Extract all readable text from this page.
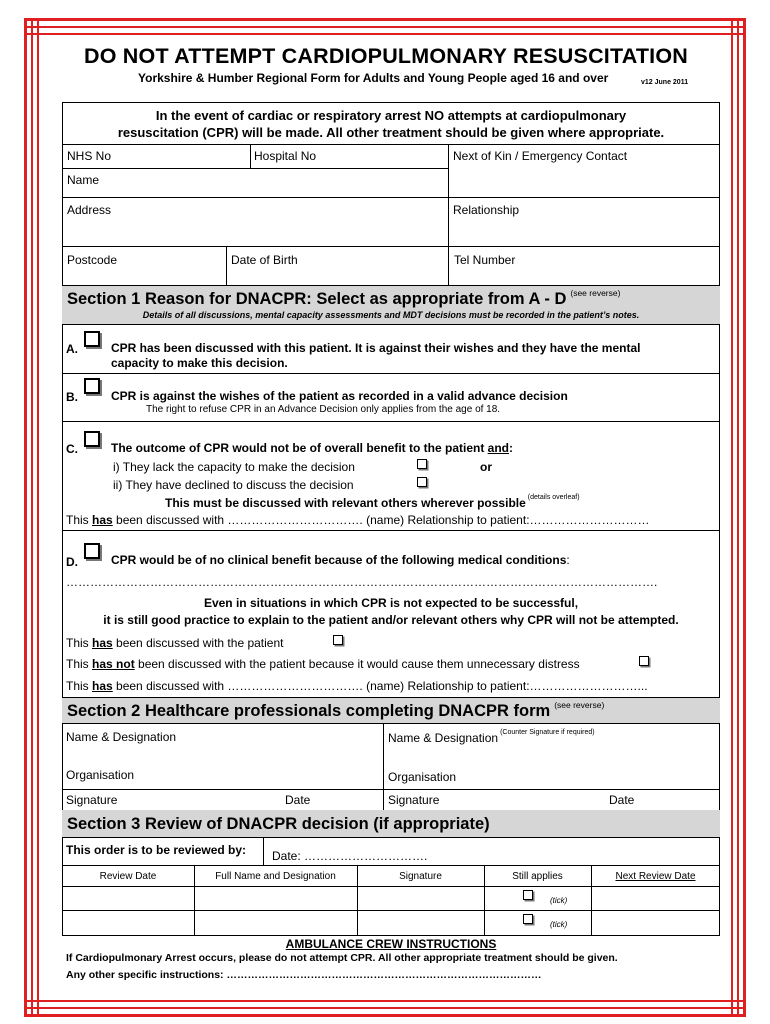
DO NOT ATTEMPT CARDIOPULMONARY RESUSCITATION
Yorkshire & Humber Regional Form for Adults and Young People aged 16 and over	v12 June 2011
In the event of cardiac or respiratory arrest NO attempts at cardiopulmonary
resuscitation (CPR) will be made. All other treatment should be given where appropriate.
NHS No	Hospital No	Next of Kin / Emergency Contact
Name
Address	Relationship
Postcode	Date of Birth	Tel Number
Section 1 Reason for DNACPR: Select as appropriate from A - D $^{(see reverse)}$
Details of all discussions, mental capacity assessments and MDT decisions must be recorded in the patient’s notes.
A.	CPR has been discussed with this patient. It is against their wishes and they have the mental
capacity to make this decision.
B.	CPR is against the wishes of the patient as recorded in a valid advance decision
The right to refuse CPR in an Advance Decision only applies from the age of 18.
C.	The outcome of CPR would not be of overall benefit to the patient and:
i) They lack the capacity to make the decision	or
ii) They have declined to discuss the decision
This must be discussed with relevant others wherever possible $^{(details overleaf)}$
This has been discussed with ……………………………. (name) Relationship to patient:…………………………
D.	CPR would be of no clinical benefit because of the following medical conditions:
………………………………………………………………………………………………………………………………….
Even in situations in which CPR is not expected to be successful,
it is still good practice to explain to the patient and/or relevant others why CPR will not be attempted.
This has been discussed with the patient
This has not been discussed with the patient because it would cause them unnecessary distress
This has been discussed with ……………………………. (name) Relationship to patient:………………………...
Section 2 Healthcare professionals completing DNACPR form $^{(see reverse)}$
Name & Designation	Name & Designation $^{(Counter Signature if required)}$
Organisation	Organisation
Signature	Date	Signature	Date
Section 3 Review of DNACPR decision (if appropriate)
This order is to be reviewed by: Date: ………………………….
Review Date	Full Name and Designation	Signature	Still applies	Next Review Date
(tick)
(tick)
AMBULANCE CREW INSTRUCTIONS
If Cardiopulmonary Arrest occurs, please do not attempt CPR. All other appropriate treatment should be given.
Any other specific instructions: ………………………………………………………………………………
